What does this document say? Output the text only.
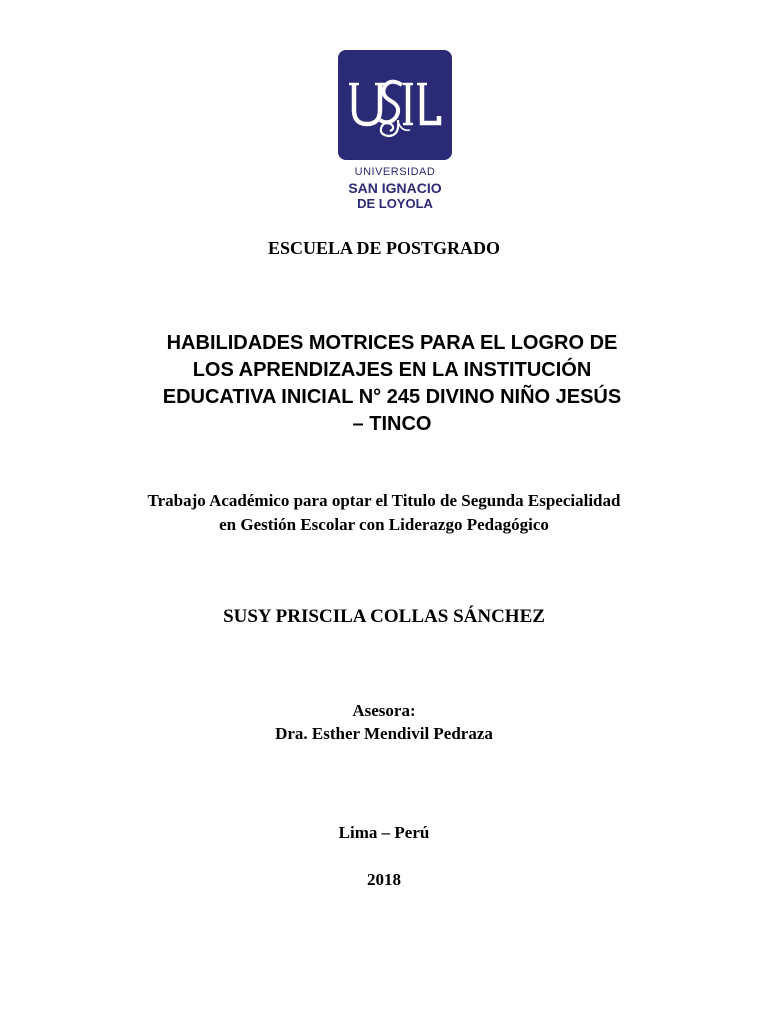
UNIVERSIDAD
SAN IGNACIO
DE LOYOLA
ESCUELA DE POSTGRADO
HABILIDADES MOTRICES PARA EL LOGRO DE
LOS APRENDIZAJES EN LA INSTITUCIÓN
EDUCATIVA INICIAL N° 245 DIVINO NIÑO JESÚS
– TINCO
Trabajo Académico para optar el Titulo de Segunda Especialidad
en Gestión Escolar con Liderazgo Pedagógico
SUSY PRISCILA COLLAS SÁNCHEZ
Asesora:
Dra. Esther Mendivil Pedraza
Lima – Perú
2018
